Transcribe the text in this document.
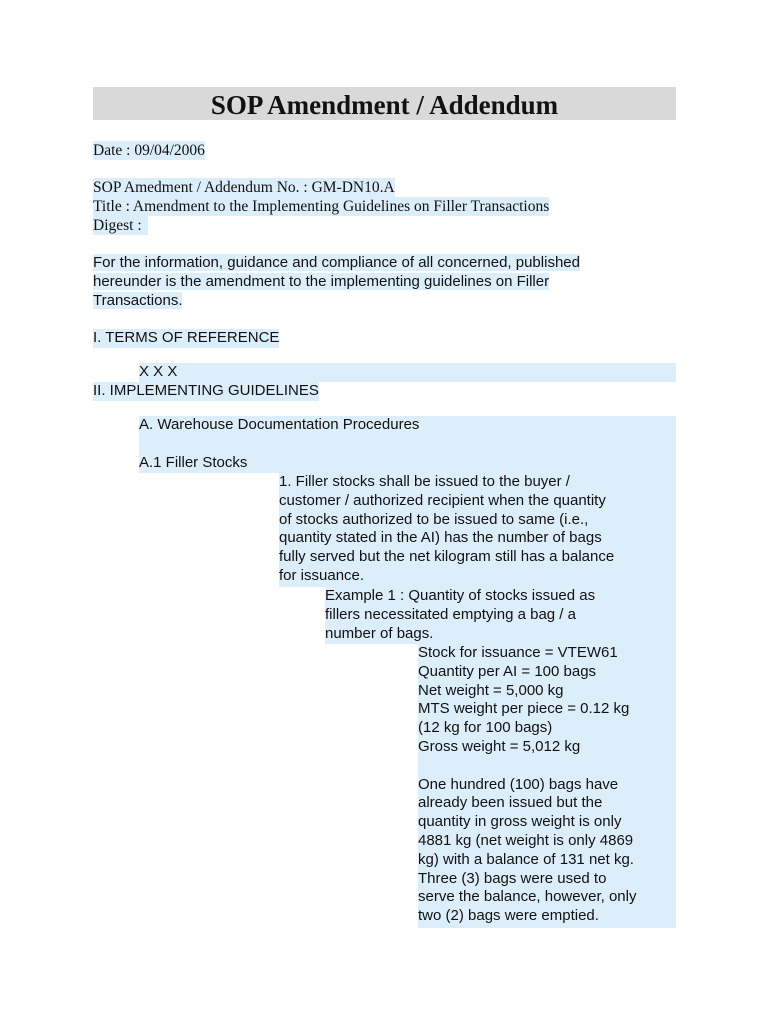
SOP Amendment / Addendum
Date : 09/04/2006
SOP Amedment / Addendum No. : GM-DN10.A
Title : Amendment to the Implementing Guidelines on Filler Transactions
Digest :
For the information, guidance and compliance of all concerned, published
hereunder is the amendment to the implementing guidelines on Filler
Transactions.
I. TERMS OF REFERENCE
X X X
II. IMPLEMENTING GUIDELINES
A. Warehouse Documentation Procedures
A.1 Filler Stocks
1. Filler stocks shall be issued to the buyer /
customer / authorized recipient when the quantity
of stocks authorized to be issued to same (i.e.,
quantity stated in the AI) has the number of bags
fully served but the net kilogram still has a balance
for issuance.
Example 1 : Quantity of stocks issued as
fillers necessitated emptying a bag / a
number of bags.
Stock for issuance = VTEW61
Quantity per AI = 100 bags
Net weight = 5,000 kg
MTS weight per piece = 0.12 kg
(12 kg for 100 bags)
Gross weight = 5,012 kg
One hundred (100) bags have
already been issued but the
quantity in gross weight is only
4881 kg (net weight is only 4869
kg) with a balance of 131 net kg.
Three (3) bags were used to
serve the balance, however, only
two (2) bags were emptied.
